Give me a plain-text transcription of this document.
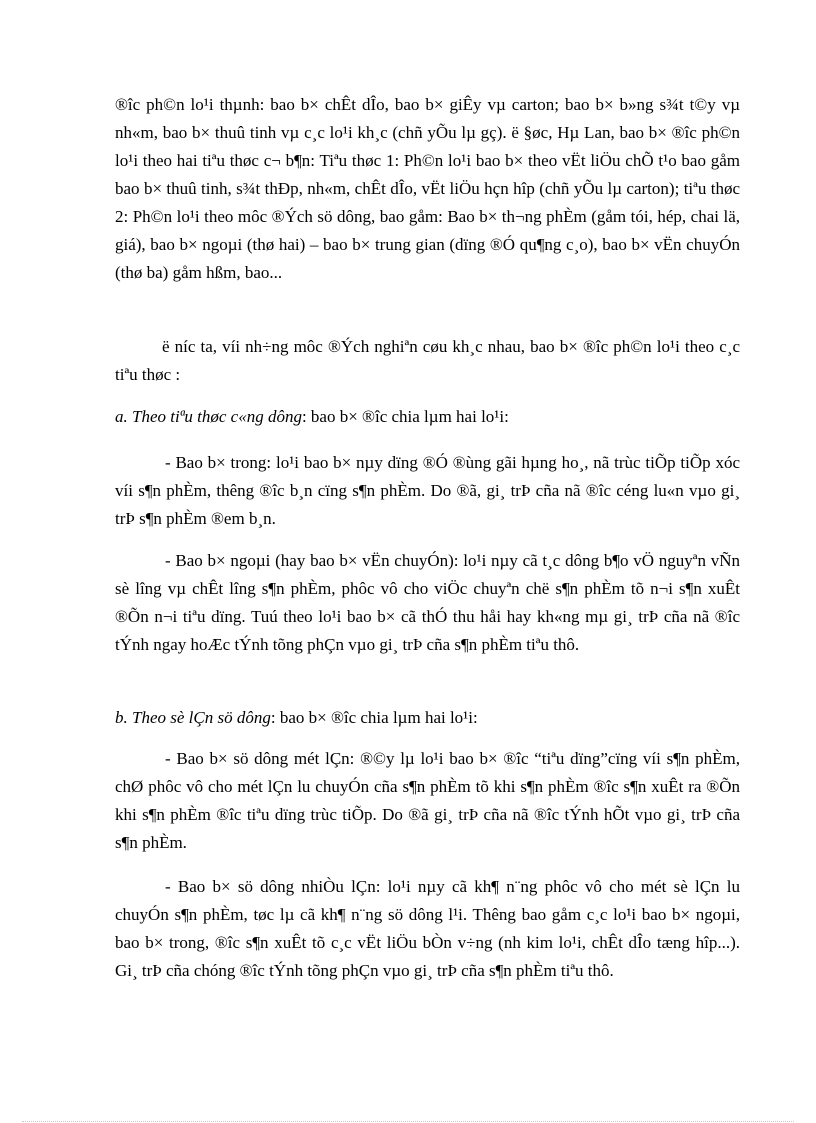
®îc ph©n lo¹i thµnh: bao b× chÊt dÎo, bao b× giÊy vµ carton; bao b× b»ng s¾t t©y vµ nh«m, bao b× thuû tinh vµ c¸c lo¹i kh¸c (chñ yÕu lµ gç). ë §øc, Hµ Lan, bao b× ®îc ph©n lo¹i theo hai tiªu thøc c¬ b¶n: Tiªu thøc 1: Ph©n lo¹i bao b× theo vËt liÖu chÕ t¹o bao gåm bao b× thuû tinh, s¾t thÐp, nh«m, chÊt dÎo, vËt liÖu hçn hîp (chñ yÕu lµ carton); tiªu thøc 2: Ph©n lo¹i theo môc ®Ých sö dông, bao gåm: Bao b× th¬ng phÈm (gåm tói, hép, chai lä, giá), bao b× ngoµi (thø hai) – bao b× trung gian (dïng ®Ó qu¶ng c¸o), bao b× vËn chuyÓn (thø ba) gåm hßm, bao...

ë níc ta, víi nh÷ng môc ®Ých nghiªn cøu kh¸c nhau, bao b× ®îc ph©n lo¹i theo c¸c tiªu thøc :

a. Theo tiªu thøc c«ng dông: bao b× ®îc chia lµm hai lo¹i:

- Bao b× trong: lo¹i bao b× nµy dïng ®Ó ®ùng gãi hµng ho¸, nã trùc tiÕp tiÕp xóc víi s¶n phÈm, thêng ®îc b¸n cïng s¶n phÈm. Do ®ã, gi¸ trÞ cña nã ®îc céng lu«n vµo gi¸ trÞ s¶n phÈm ®em b¸n.

- Bao b× ngoµi (hay bao b× vËn chuyÓn): lo¹i nµy cã t¸c dông b¶o vÖ nguyªn vÑn sè lîng vµ chÊt lîng s¶n phÈm, phôc vô cho viÖc chuyªn chë s¶n phÈm tõ n¬i s¶n xuÊt ®Õn n¬i tiªu dïng. Tuú theo lo¹i bao b× cã thÓ thu håi hay kh«ng mµ gi¸ trÞ cña nã ®îc tÝnh ngay hoÆc tÝnh tõng phÇn vµo gi¸ trÞ cña s¶n phÈm tiªu thô.

b. Theo sè lÇn sö dông: bao b× ®îc chia lµm hai lo¹i:

- Bao b× sö dông mét lÇn: ®©y lµ lo¹i bao b× ®îc “tiªu dïng”cïng víi s¶n phÈm, chØ phôc vô cho mét lÇn lu chuyÓn cña s¶n phÈm tõ khi s¶n phÈm ®îc s¶n xuÊt ra ®Õn khi s¶n phÈm ®îc tiªu dïng trùc tiÕp. Do ®ã gi¸ trÞ cña nã ®îc tÝnh hÕt vµo gi¸ trÞ cña s¶n phÈm.

- Bao b× sö dông nhiÒu lÇn: lo¹i nµy cã kh¶ n¨ng phôc vô cho mét sè lÇn lu chuyÓn s¶n phÈm, tøc lµ cã kh¶ n¨ng sö dông l¹i. Thêng bao gåm c¸c lo¹i bao b× ngoµi, bao b× trong, ®îc s¶n xuÊt tõ c¸c vËt liÖu bÒn v÷ng (nh kim lo¹i, chÊt dÎo tæng hîp...). Gi¸ trÞ cña chóng ®îc tÝnh tõng phÇn vµo gi¸ trÞ cña s¶n phÈm tiªu thô.
